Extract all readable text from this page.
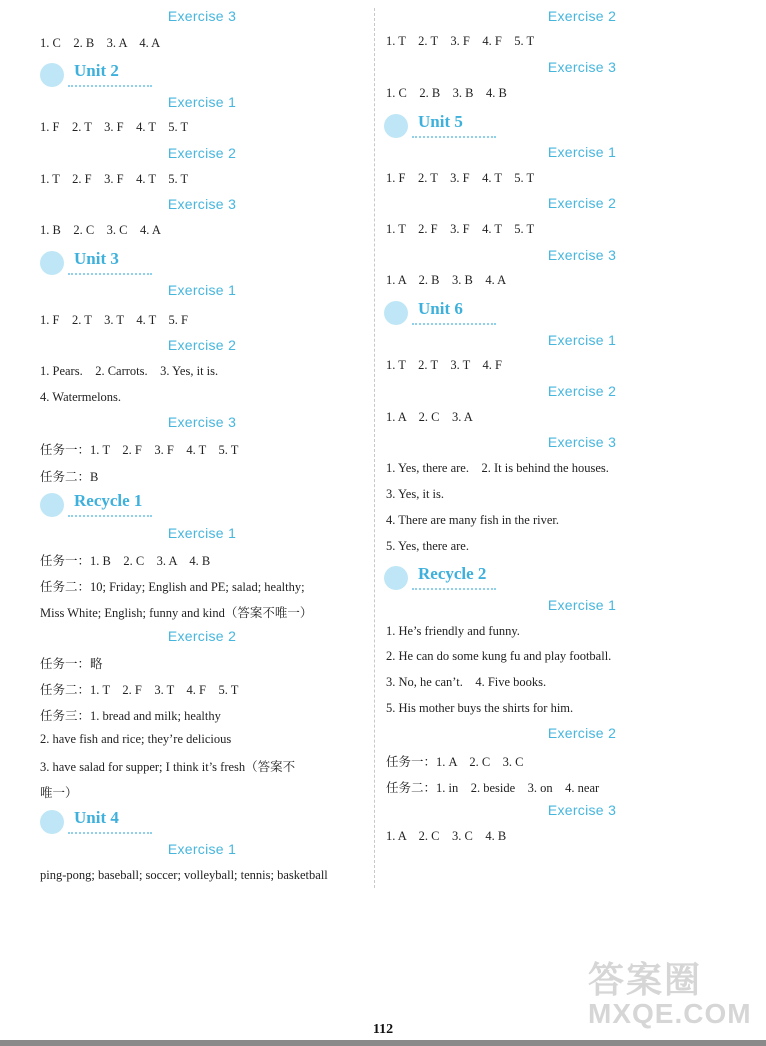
Exercise 3
1. C    2. B    3. A    4. A
Unit 2
Exercise 1
1. F    2. T    3. F    4. T    5. T
Exercise 2
1. T    2. F    3. F    4. T    5. T
Exercise 3
1. B    2. C    3. C    4. A
Unit 3
Exercise 1
1. F    2. T    3. T    4. T    5. F
Exercise 2
1. Pears.    2. Carrots.    3. Yes, it is.
4. Watermelons.
Exercise 3
任务一：1. T    2. F    3. F    4. T    5. T
任务二：B
Recycle 1
Exercise 1
任务一：1. B    2. C    3. A    4. B
任务二：10; Friday; English and PE; salad; healthy;
Miss White; English; funny and kind（答案不唯一）
Exercise 2
任务一：略
任务二：1. T    2. F    3. T    4. F    5. T
任务三：1. bread and milk; healthy
2. have fish and rice; they’re delicious
3. have salad for supper; I think it’s fresh（答案不
唯一）
Unit 4
Exercise 1
ping-pong; baseball; soccer; volleyball; tennis; basketball
Exercise 2
1. T    2. T    3. F    4. F    5. T
Exercise 3
1. C    2. B    3. B    4. B
Unit 5
Exercise 1
1. F    2. T    3. F    4. T    5. T
Exercise 2
1. T    2. F    3. F    4. T    5. T
Exercise 3
1. A    2. B    3. B    4. A
Unit 6
Exercise 1
1. T    2. T    3. T    4. F
Exercise 2
1. A    2. C    3. A
Exercise 3
1. Yes, there are.    2. It is behind the houses.
3. Yes, it is.
4. There are many fish in the river.
5. Yes, there are.
Recycle 2
Exercise 1
1. He’s friendly and funny.
2. He can do some kung fu and play football.
3. No, he can’t.    4. Five books.
5. His mother buys the shirts for him.
Exercise 2
任务一：1. A    2. C    3. C
任务二：1. in    2. beside    3. on    4. near
Exercise 3
1. A    2. C    3. C    4. B
答案圈
MXQE.COM
112
